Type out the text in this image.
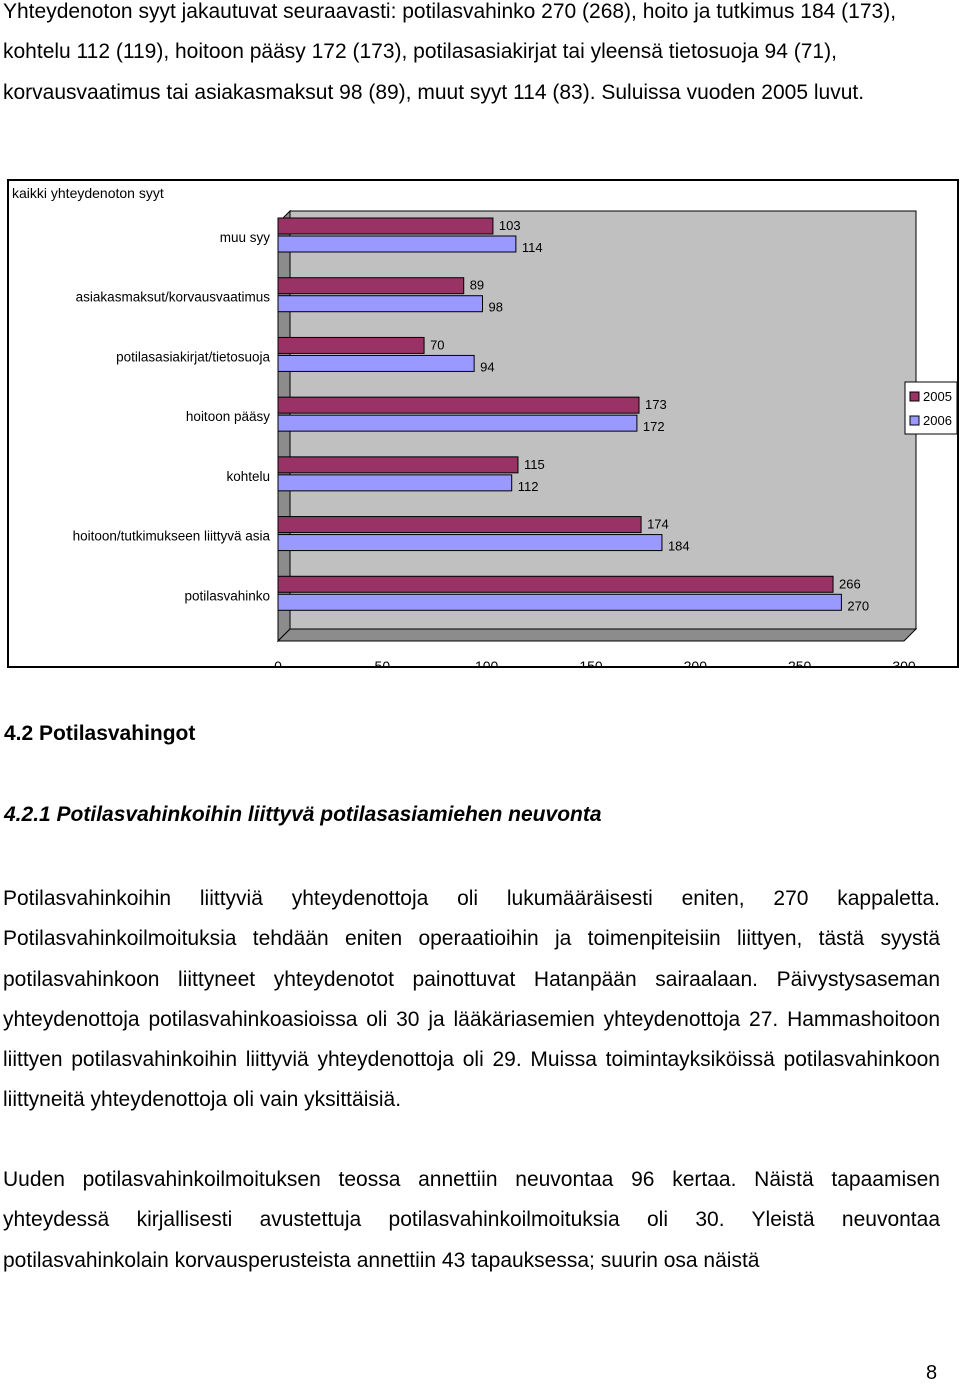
Yhteydenoton syyt jakautuvat seuraavasti: potilasvahinko 270 (268), hoito ja tutkimus 184 (173), kohtelu 112 (119), hoitoon pääsy 172 (173), potilasasiakirjat tai yleensä tietosuoja 94 (71), korvausvaatimus tai asiakasmaksut 98 (89), muut syyt 114 (83). Suluissa vuoden 2005 luvut.

kaikki yhteydenoton syyt
0	50	100	150	200	250	300
103
114
muu syy
89
98
asiakasmaksut/korvausvaatimus
70
94
potilasasiakirjat/tietosuoja
173
172
hoitoon pääsy
115
112
kohtelu
174
184
hoitoon/tutkimukseen liittyvä asia
266
270
potilasvahinko
2005
2006
4.2 Potilasvahingot
4.2.1 Potilasvahinkoihin liittyvä potilasasiamiehen neuvonta

Potilasvahinkoihin liittyviä yhteydenottoja oli lukumääräisesti eniten, 270 kappaletta. Potilasvahinkoilmoituksia tehdään eniten operaatioihin ja toimenpiteisiin liittyen, tästä syystä potilasvahinkoon liittyneet yhteydenotot painottuvat Hatanpään sairaalaan. Päivystysaseman yhteydenottoja potilasvahinkoasioissa oli 30 ja lääkäriasemien yhteydenottoja 27. Hammashoitoon liittyen potilasvahinkoihin liittyviä yhteydenottoja oli 29. Muissa toimintayksiköissä potilasvahinkoon liittyneitä yhteydenottoja oli vain yksittäisiä.

Uuden potilasvahinkoilmoituksen teossa annettiin neuvontaa 96 kertaa. Näistä tapaamisen yhteydessä kirjallisesti avustettuja potilasvahinkoilmoituksia oli 30. Yleistä neuvontaa potilasvahinkolain korvausperusteista annettiin 43 tapauksessa; suurin osa näistä

8
